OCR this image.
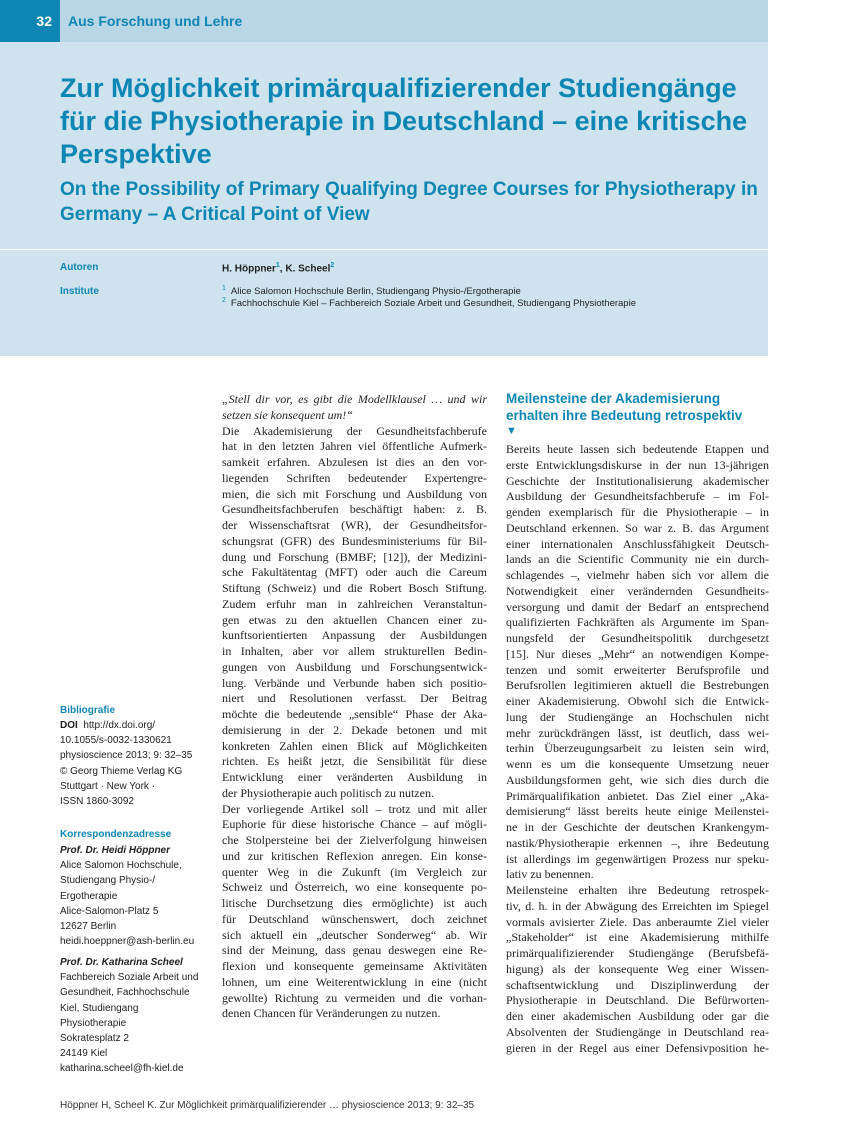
32	Aus Forschung und Lehre
Zur Möglichkeit primärqualifizierender Studiengänge für die Physiotherapie in Deutschland – eine kritische Perspektive
On the Possibility of Primary Qualifying Degree Courses for Physiotherapy in Germany – A Critical Point of View
Autoren	H. Höppner$^1$, K. Scheel$^2$
Institute	$^1$ Alice Salomon Hochschule Berlin, Studiengang Physio-/Ergotherapie
$^2$ Fachhochschule Kiel – Fachbereich Soziale Arbeit und Gesundheit, Studiengang Physiotherapie
Bibliografie
DOI http://dx.doi.org/
10.1055/s-0032-1330621
physioscience 2013; 9: 32–35
© Georg Thieme Verlag KG
Stuttgart · New York ·
ISSN 1860-3092
Korrespondenzadresse
Prof. Dr. Heidi Höppner
Alice Salomon Hochschule,
Studiengang Physio-/
Ergotherapie
Alice-Salomon-Platz 5
12627 Berlin
heidi.hoeppner@ash-berlin.eu
Prof. Dr. Katharina Scheel
Fachbereich Soziale Arbeit und
Gesundheit, Fachhochschule
Kiel, Studiengang
Physiotherapie
Sokratesplatz 2
24149 Kiel
katharina.scheel@fh-kiel.de
„Stell dir vor, es gibt die Modellklausel … und wir
setzen sie konsequent um!“
Die Akademisierung der Gesundheitsfachberufe
hat in den letzten Jahren viel öffentliche Aufmerk-
samkeit erfahren. Abzulesen ist dies an den vor-
liegenden Schriften bedeutender Expertengre-
mien, die sich mit Forschung und Ausbildung von
Gesundheitsfachberufen beschäftigt haben: z. B.
der Wissenschaftsrat (WR), der Gesundheitsfor-
schungsrat (GFR) des Bundesministeriums für Bil-
dung und Forschung (BMBF; [12]), der Medizini-
sche Fakultätentag (MFT) oder auch die Careum
Stiftung (Schweiz) und die Robert Bosch Stiftung.
Zudem erfuhr man in zahlreichen Veranstaltun-
gen etwas zu den aktuellen Chancen einer zu-
kunftsorientierten Anpassung der Ausbildungen
in Inhalten, aber vor allem strukturellen Bedin-
gungen von Ausbildung und Forschungsentwick-
lung. Verbände und Verbunde haben sich positio-
niert und Resolutionen verfasst. Der Beitrag
möchte die bedeutende „sensible“ Phase der Aka-
demisierung in der 2. Dekade betonen und mit
konkreten Zahlen einen Blick auf Möglichkeiten
richten. Es heißt jetzt, die Sensibilität für diese
Entwicklung einer veränderten Ausbildung in
der Physiotherapie auch politisch zu nutzen.
Der vorliegende Artikel soll – trotz und mit aller
Euphorie für diese historische Chance – auf mögli-
che Stolpersteine bei der Zielverfolgung hinweisen
und zur kritischen Reflexion anregen. Ein konse-
quenter Weg in die Zukunft (im Vergleich zur
Schweiz und Österreich, wo eine konsequente po-
litische Durchsetzung dies ermöglichte) ist auch
für Deutschland wünschenswert, doch zeichnet
sich aktuell ein „deutscher Sonderweg“ ab. Wir
sind der Meinung, dass genau deswegen eine Re-
flexion und konsequente gemeinsame Aktivitäten
lohnen, um eine Weiterentwicklung in eine (nicht
gewollte) Richtung zu vermeiden und die vorhan-
denen Chancen für Veränderungen zu nutzen.
Meilensteine der Akademisierung erhalten ihre Bedeutung retrospektiv
▼
Bereits heute lassen sich bedeutende Etappen und
erste Entwicklungsdiskurse in der nun 13-jährigen
Geschichte der Institutionalisierung akademischer
Ausbildung der Gesundheitsfachberufe – im Fol-
genden exemplarisch für die Physiotherapie – in
Deutschland erkennen. So war z. B. das Argument
einer internationalen Anschlussfähigkeit Deutsch-
lands an die Scientific Community nie ein durch-
schlagendes –, vielmehr haben sich vor allem die
Notwendigkeit einer verändernden Gesundheits-
versorgung und damit der Bedarf an entsprechend
qualifizierten Fachkräften als Argumente im Span-
nungsfeld der Gesundheitspolitik durchgesetzt
[15]. Nur dieses „Mehr“ an notwendigen Kompe-
tenzen und somit erweiterter Berufsprofile und
Berufsrollen legitimieren aktuell die Bestrebungen
einer Akademisierung. Obwohl sich die Entwick-
lung der Studiengänge an Hochschulen nicht
mehr zurückdrängen lässt, ist deutlich, dass wei-
terhin Überzeugungsarbeit zu leisten sein wird,
wenn es um die konsequente Umsetzung neuer
Ausbildungsformen geht, wie sich dies durch die
Primärqualifikation anbietet. Das Ziel einer „Aka-
demisierung“ lässt bereits heute einige Meilenstei-
ne in der Geschichte der deutschen Krankengym-
nastik/Physiotherapie erkennen –, ihre Bedeutung
ist allerdings im gegenwärtigen Prozess nur speku-
lativ zu benennen.
Meilensteine erhalten ihre Bedeutung retrospek-
tiv, d. h. in der Abwägung des Erreichten im Spiegel
vormals avisierter Ziele. Das anberaumte Ziel vieler
„Stakeholder“ ist eine Akademisierung mithilfe
primärqualifizierender Studiengänge (Berufsbefä-
higung) als der konsequente Weg einer Wissen-
schaftsentwicklung und Disziplinwerdung der
Physiotherapie in Deutschland. Die Befürworten-
den einer akademischen Ausbildung oder gar die
Absolventen der Studiengänge in Deutschland rea-
gieren in der Regel aus einer Defensivposition he-
Höppner H, Scheel K. Zur Möglichkeit primärqualifizierender … physioscience 2013; 9: 32–35
